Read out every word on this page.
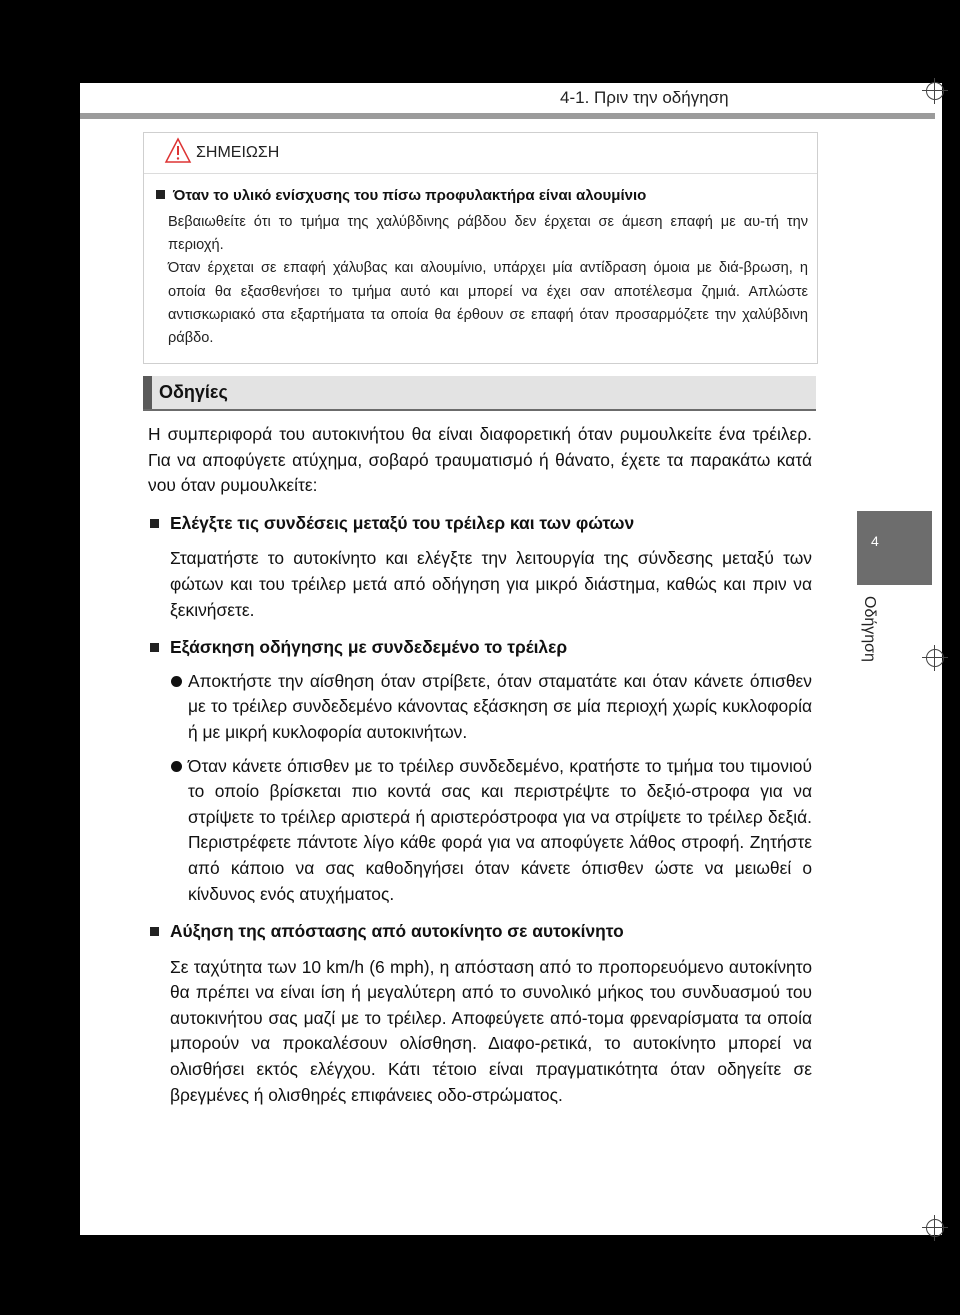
4-1. Πριν την οδήγηση
4
Οδήγηση
ΣΗΜΕΙΩΣΗ
Όταν το υλικό ενίσχυσης του πίσω προφυλακτήρα είναι αλουμίνιο

Βεβαιωθείτε ότι το τμήμα της χαλύβδινης ράβδου δεν έρχεται σε άμεση επαφή με αυ-τή την περιοχή.

Όταν έρχεται σε επαφή χάλυβας και αλουμίνιο, υπάρχει μία αντίδραση όμοια με διά-βρωση, η οποία θα εξασθενήσει το τμήμα αυτό και μπορεί να έχει σαν αποτέλεσμα ζημιά. Απλώστε αντισκωριακό στα εξαρτήματα τα οποία θα έρθουν σε επαφή όταν προσαρμόζετε την χαλύβδινη ράβδο.

Οδηγίες

Η συμπεριφορά του αυτοκινήτου θα είναι διαφορετική όταν ρυμουλκείτε ένα τρέιλερ. Για να αποφύγετε ατύχημα, σοβαρό τραυματισμό ή θάνατο, έχετε τα παρακάτω κατά νου όταν ρυμουλκείτε:

Ελέγξτε τις συνδέσεις μεταξύ του τρέιλερ και των φώτων

Σταματήστε το αυτοκίνητο και ελέγξτε την λειτουργία της σύνδεσης μεταξύ των φώτων και του τρέιλερ μετά από οδήγηση για μικρό διάστημα, καθώς και πριν να ξεκινήσετε.

Εξάσκηση οδήγησης με συνδεδεμένο το τρέιλερ

Αποκτήστε την αίσθηση όταν στρίβετε, όταν σταματάτε και όταν κάνετε όπισθεν με το τρέιλερ συνδεδεμένο κάνοντας εξάσκηση σε μία περιοχή χωρίς κυκλοφορία ή με μικρή κυκλοφορία αυτοκινήτων.

Όταν κάνετε όπισθεν με το τρέιλερ συνδεδεμένο, κρατήστε το τμήμα του τιμονιού το οποίο βρίσκεται πιο κοντά σας και περιστρέψτε το δεξιό-στροφα για να στρίψετε το τρέιλερ αριστερά ή αριστερόστροφα για να στρίψετε το τρέιλερ δεξιά. Περιστρέφετε πάντοτε λίγο κάθε φορά για να αποφύγετε λάθος στροφή. Ζητήστε από κάποιο να σας καθοδηγήσει όταν κάνετε όπισθεν ώστε να μειωθεί ο κίνδυνος ενός ατυχήματος.

Αύξηση της απόστασης από αυτοκίνητο σε αυτοκίνητο

Σε ταχύτητα των 10 km/h (6 mph), η απόσταση από το προπορευόμενο αυτοκίνητο θα πρέπει να είναι ίση ή μεγαλύτερη από το συνολικό μήκος του συνδυασμού του αυτοκινήτου σας μαζί με το τρέιλερ. Αποφεύγετε από-τομα φρεναρίσματα τα οποία μπορούν να προκαλέσουν ολίσθηση. Διαφο-ρετικά, το αυτοκίνητο μπορεί να ολισθήσει εκτός ελέγχου. Κάτι τέτοιο είναι πραγματικότητα όταν οδηγείτε σε βρεγμένες ή ολισθηρές επιφάνειες οδο-στρώματος.
